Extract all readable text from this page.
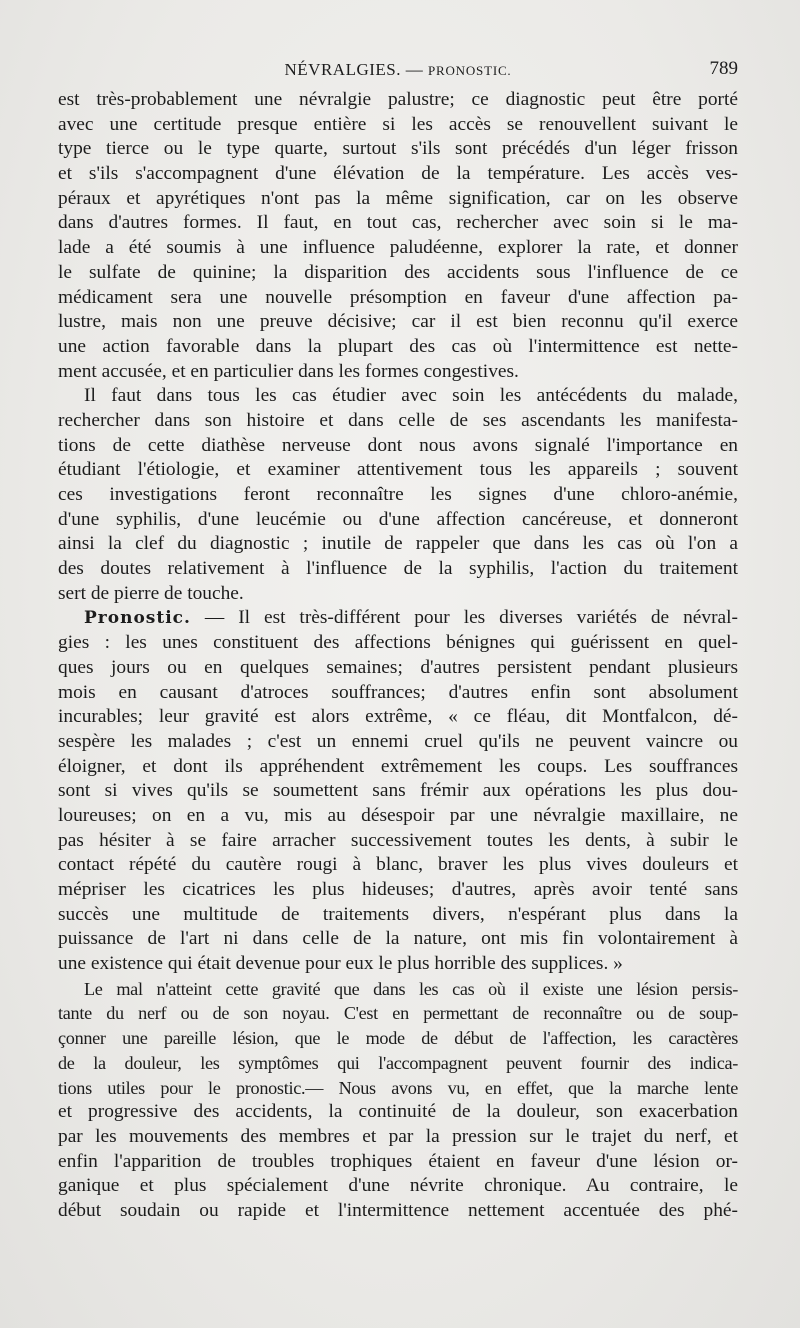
NÉVRALGIES. — PRONOSTIC.	789
est très-probablement une névralgie palustre; ce diagnostic peut être porté
avec une certitude presque entière si les accès se renouvellent suivant le
type tierce ou le type quarte, surtout s'ils sont précédés d'un léger frisson
et s'ils s'accompagnent d'une élévation de la température. Les accès ves-
péraux et apyrétiques n'ont pas la même signification, car on les observe
dans d'autres formes. Il faut, en tout cas, rechercher avec soin si le ma-
lade a été soumis à une influence paludéenne, explorer la rate, et donner
le sulfate de quinine; la disparition des accidents sous l'influence de ce
médicament sera une nouvelle présomption en faveur d'une affection pa-
lustre, mais non une preuve décisive; car il est bien reconnu qu'il exerce
une action favorable dans la plupart des cas où l'intermittence est nette-
ment accusée, et en particulier dans les formes congestives.
Il faut dans tous les cas étudier avec soin les antécédents du malade,
rechercher dans son histoire et dans celle de ses ascendants les manifesta-
tions de cette diathèse nerveuse dont nous avons signalé l'importance en
étudiant l'étiologie, et examiner attentivement tous les appareils ; souvent
ces investigations feront reconnaître les signes d'une chloro-anémie,
d'une syphilis, d'une leucémie ou d'une affection cancéreuse, et donneront
ainsi la clef du diagnostic ; inutile de rappeler que dans les cas où l'on a
des doutes relativement à l'influence de la syphilis, l'action du traitement
sert de pierre de touche.
Pronostic. — Il est très-différent pour les diverses variétés de névral-
gies : les unes constituent des affections bénignes qui guérissent en quel-
ques jours ou en quelques semaines; d'autres persistent pendant plusieurs
mois en causant d'atroces souffrances; d'autres enfin sont absolument
incurables; leur gravité est alors extrême, « ce fléau, dit Montfalcon, dé-
sespère les malades ; c'est un ennemi cruel qu'ils ne peuvent vaincre ou
éloigner, et dont ils appréhendent extrêmement les coups. Les souffrances
sont si vives qu'ils se soumettent sans frémir aux opérations les plus dou-
loureuses; on en a vu, mis au désespoir par une névralgie maxillaire, ne
pas hésiter à se faire arracher successivement toutes les dents, à subir le
contact répété du cautère rougi à blanc, braver les plus vives douleurs et
mépriser les cicatrices les plus hideuses; d'autres, après avoir tenté sans
succès une multitude de traitements divers, n'espérant plus dans la
puissance de l'art ni dans celle de la nature, ont mis fin volontairement à
une existence qui était devenue pour eux le plus horrible des supplices. »
Le mal n'atteint cette gravité que dans les cas où il existe une lésion persis-
tante du nerf ou de son noyau. C'est en permettant de reconnaître ou de soup-
çonner une pareille lésion, que le mode de début de l'affection, les caractères
de la douleur, les symptômes qui l'accompagnent peuvent fournir des indica-
tions utiles pour le pronostic.— Nous avons vu, en effet, que la marche lente
et progressive des accidents, la continuité de la douleur, son exacerbation
par les mouvements des membres et par la pression sur le trajet du nerf, et
enfin l'apparition de troubles trophiques étaient en faveur d'une lésion or-
ganique et plus spécialement d'une névrite chronique. Au contraire, le
début soudain ou rapide et l'intermittence nettement accentuée des phé-
